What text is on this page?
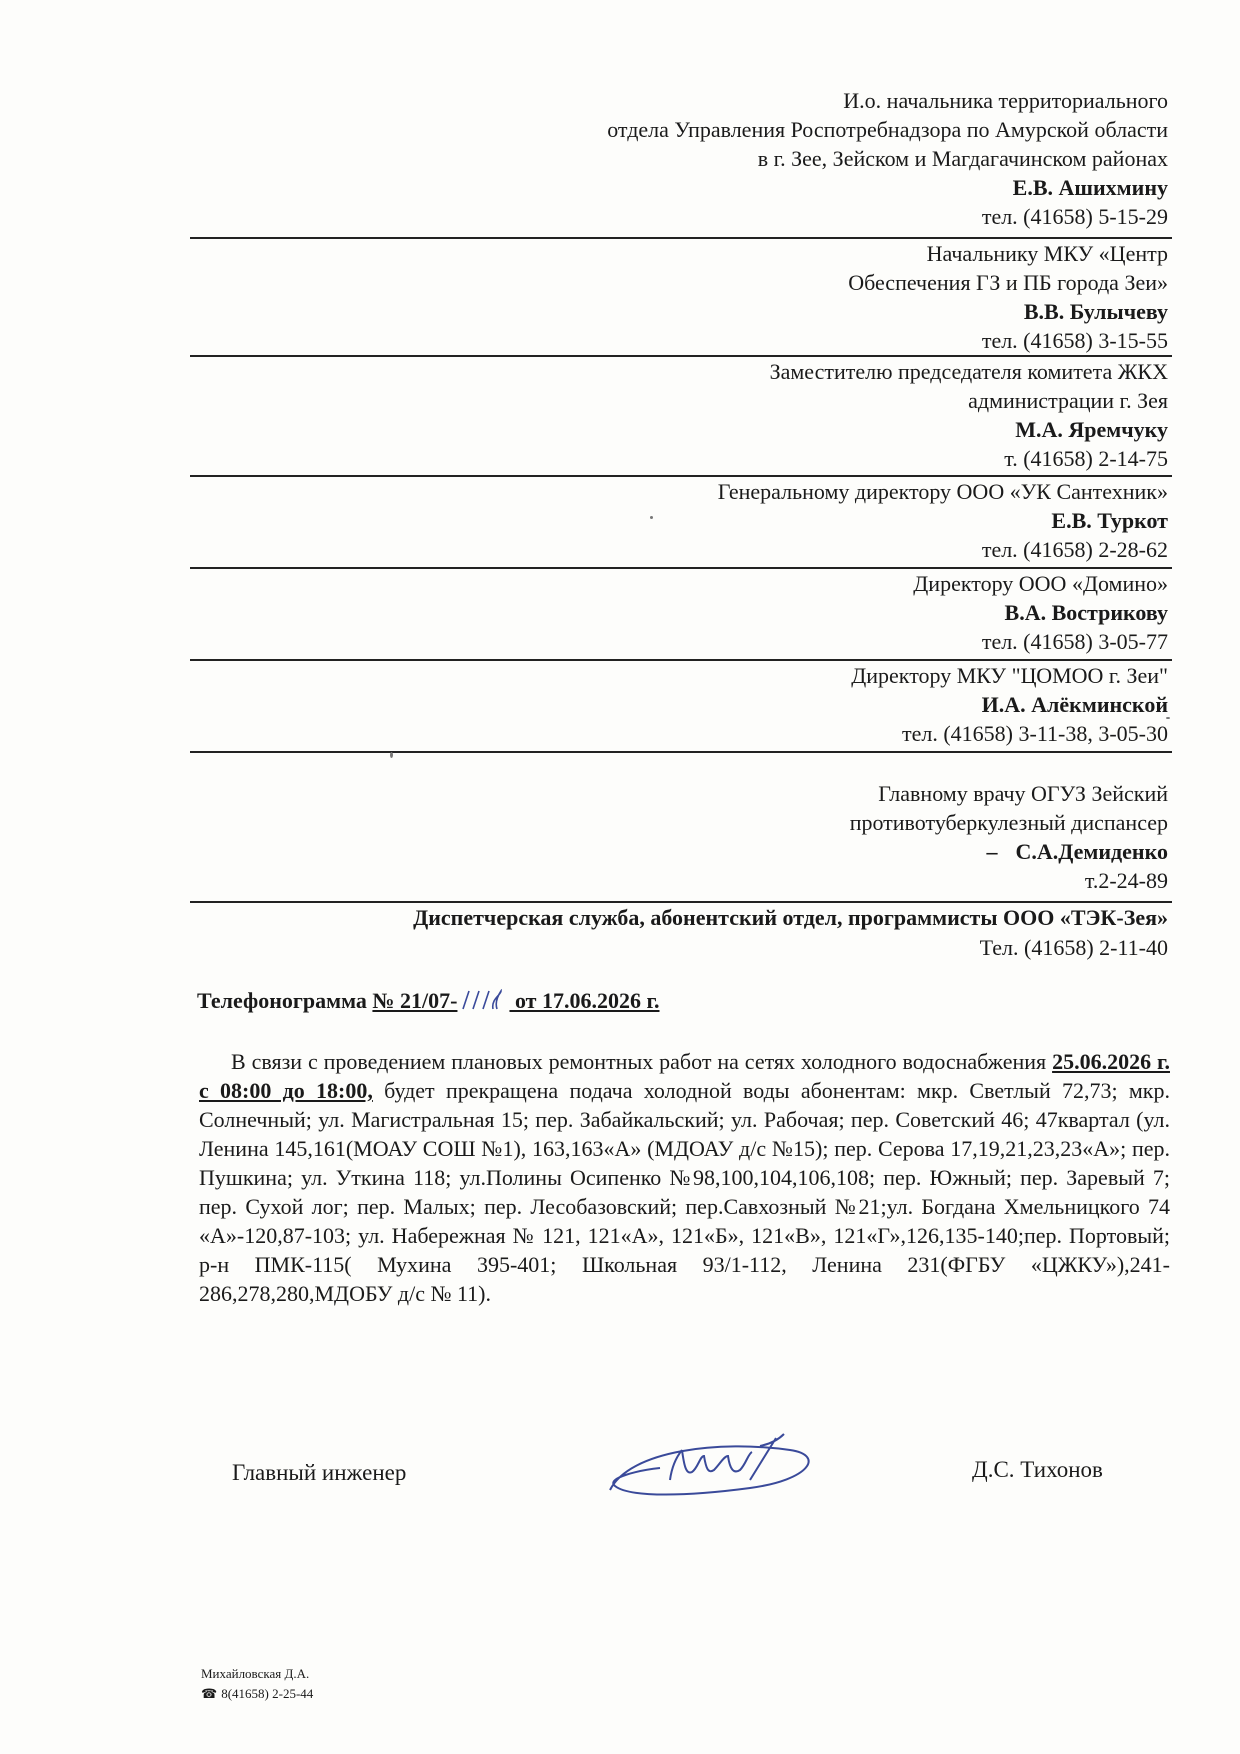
И.о. начальника территориального
отдела Управления Роспотребнадзора по Амурской области
в г. Зее, Зейском и Магдагачинском районах
Е.В. Ашихмину
тел. (41658) 5-15-29
Начальнику МКУ «Центр
Обеспечения ГЗ и ПБ города Зеи»
В.В. Булычеву
тел. (41658) 3-15-55
Заместителю председателя комитета ЖКХ
администрации г. Зея
М.А. Яремчуку
т. (41658) 2-14-75
Генеральному директору ООО «УК Сантехник»
Е.В. Туркот
тел. (41658) 2-28-62
Директору ООО «Домино»
В.А. Вострикову
тел. (41658) 3-05-77
Директору МКУ "ЦОМОО г. Зеи"
И.А. Алёкминской
тел. (41658) 3-11-38, 3-05-30
Главному врачу ОГУЗ Зейский
противотуберкулезный диспансер
– С.А.Демиденко
т.2-24-89
Диспетчерская служба, абонентский отдел, программисты ООО «ТЭК-Зея»
Тел. (41658) 2-11-40
Телефонограмма № 21/07- от 17.06.2026 г.
В связи с проведением плановых ремонтных работ на сетях холодного водоснабжения 25.06.2026 г. с 08:00 до 18:00, будет прекращена подача холодной воды абонентам: мкр. Светлый 72,73; мкр. Солнечный; ул. Магистральная 15; пер. Забайкальский; ул. Рабочая; пер. Советский 46; 47квартал (ул. Ленина 145,161(МОАУ СОШ №1), 163,163«А» (МДОАУ д/с №15); пер. Серова 17,19,21,23,23«А»; пер. Пушкина; ул. Уткина 118; ул.Полины Осипенко №98,100,104,106,108; пер. Южный; пер. Заревый 7; пер. Сухой лог; пер. Малых; пер. Лесобазовский; пер.Савхозный №21;ул. Богдана Хмельницкого 74 «А»-120,87-103; ул. Набережная № 121, 121«А», 121«Б», 121«В», 121«Г»,126,135-140;пер. Портовый; р-н ПМК-115( Мухина 395-401; Школьная 93/1-112, Ленина 231(ФГБУ «ЦЖКУ»),241-286,278,280,МДОБУ д/с № 11).
Главный инженер	Д.С. Тихонов
Михайловская Д.А.
☎ 8(41658) 2-25-44
